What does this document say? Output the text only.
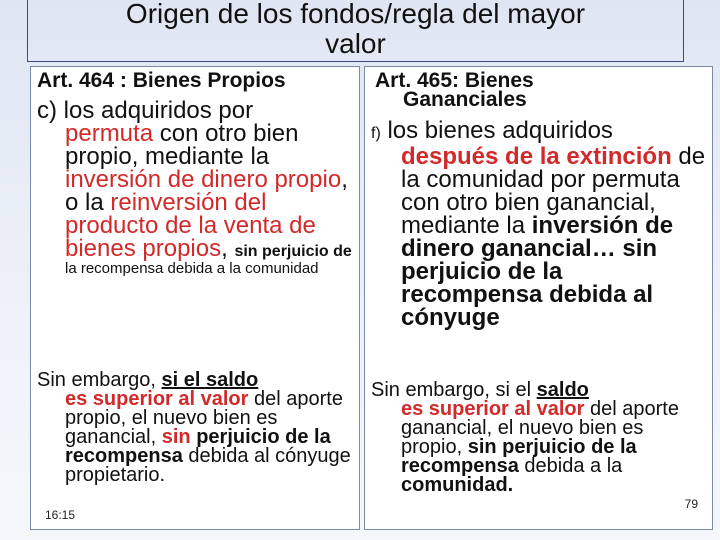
Origen de los fondos/regla del mayor
valor
Art. 464 : Bienes Propios
c) los adquiridos por
permuta con otro bien propio, mediante la inversión de dinero propio, o la reinversión del producto de la venta de bienes propios, sin perjuicio de
la recompensa debida a la comunidad
Sin embargo, si el saldo
es superior al valor del aporte propio, el nuevo bien es ganancial, sin perjuicio de la recompensa debida al cónyuge propietario.
16:15
Art. 465: Bienes
Gananciales
f) los bienes adquiridos
después de la extinción de la comunidad por permuta con otro bien ganancial, mediante la inversión de dinero ganancial… sin perjuicio de la recompensa debida al cónyuge
Sin embargo, si el saldo
es superior al valor del aporte ganancial, el nuevo bien es propio, sin perjuicio de la recompensa debida a la comunidad.
79
